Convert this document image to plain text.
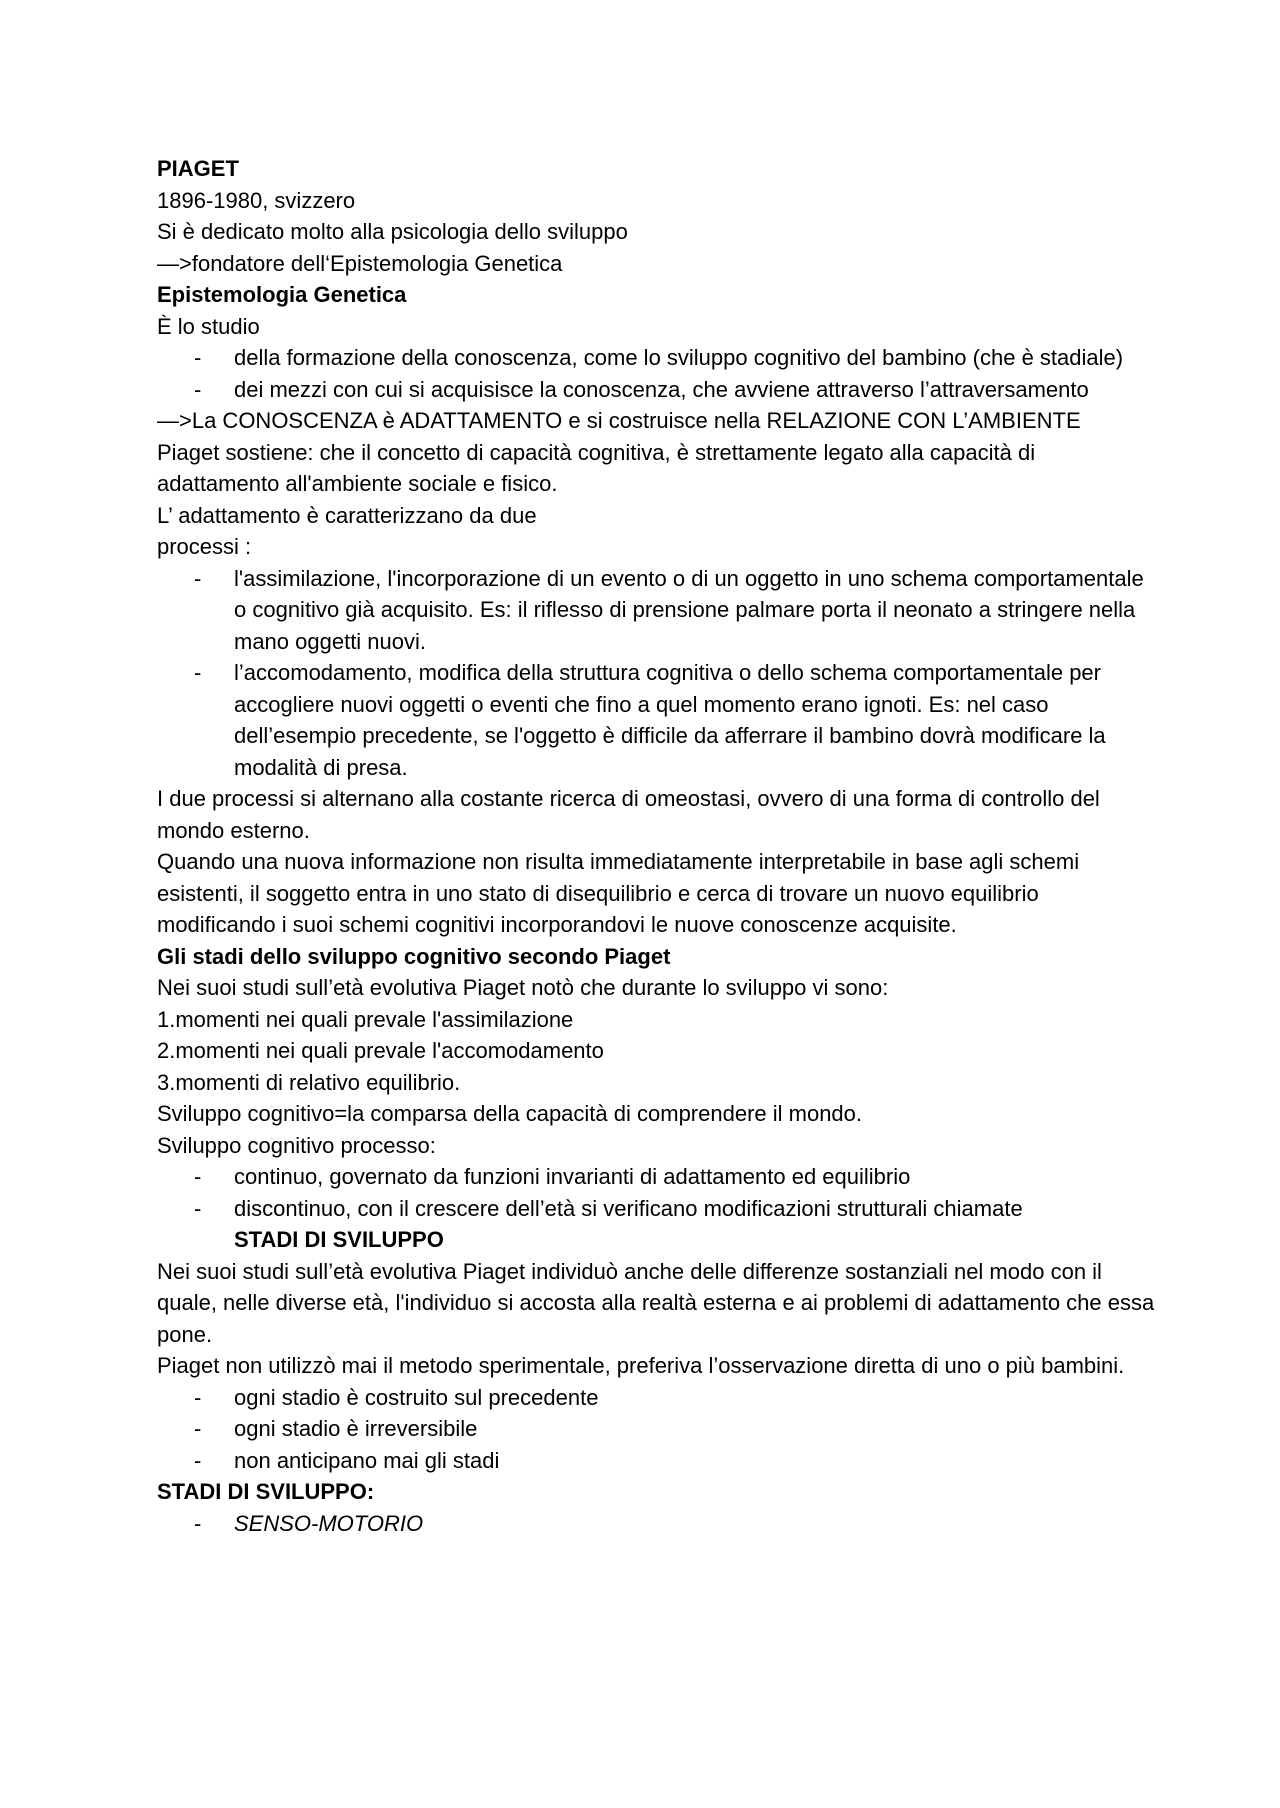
PIAGET
1896-1980, svizzero
Si è dedicato molto alla psicologia dello sviluppo
—>fondatore dell‘Epistemologia Genetica
Epistemologia Genetica
È lo studio
- della formazione della conoscenza, come lo sviluppo cognitivo del bambino (che è stadiale)
- dei mezzi con cui si acquisisce la conoscenza, che avviene attraverso l’attraversamento
—>La CONOSCENZA è ADATTAMENTO e si costruisce nella RELAZIONE CON L’AMBIENTE
Piaget sostiene: che il concetto di capacità cognitiva, è strettamente legato alla capacità di adattamento all'ambiente sociale e fisico.
L’ adattamento è caratterizzano da due
processi :
- l'assimilazione, l'incorporazione di un evento o di un oggetto in uno schema comportamentale o cognitivo già acquisito. Es: il riflesso di prensione palmare porta il neonato a stringere nella mano oggetti nuovi.
- l’accomodamento, modifica della struttura cognitiva o dello schema comportamentale per accogliere nuovi oggetti o eventi che fino a quel momento erano ignoti. Es: nel caso dell’esempio precedente, se l'oggetto è difficile da afferrare il bambino dovrà modificare la modalità di presa.
I due processi si alternano alla costante ricerca di omeostasi, ovvero di una forma di controllo del mondo esterno.
Quando una nuova informazione non risulta immediatamente interpretabile in base agli schemi esistenti, il soggetto entra in uno stato di disequilibrio e cerca di trovare un nuovo equilibrio modificando i suoi schemi cognitivi incorporandovi le nuove conoscenze acquisite.
Gli stadi dello sviluppo cognitivo secondo Piaget
Nei suoi studi sull’età evolutiva Piaget notò che durante lo sviluppo vi sono:
1.momenti nei quali prevale l'assimilazione
2.momenti nei quali prevale l'accomodamento
3.momenti di relativo equilibrio.
Sviluppo cognitivo=la comparsa della capacità di comprendere il mondo.
Sviluppo cognitivo processo:
- continuo, governato da funzioni invarianti di adattamento ed equilibrio
- discontinuo, con il crescere dell’età si verificano modificazioni strutturali chiamate
STADI DI SVILUPPO
Nei suoi studi sull’età evolutiva Piaget individuò anche delle differenze sostanziali nel modo con il quale, nelle diverse età, l'individuo si accosta alla realtà esterna e ai problemi di adattamento che essa pone.
Piaget non utilizzò mai il metodo sperimentale, preferiva l’osservazione diretta di uno o più bambini.
- ogni stadio è costruito sul precedente
- ogni stadio è irreversibile
- non anticipano mai gli stadi
STADI DI SVILUPPO:
- SENSO-MOTORIO
